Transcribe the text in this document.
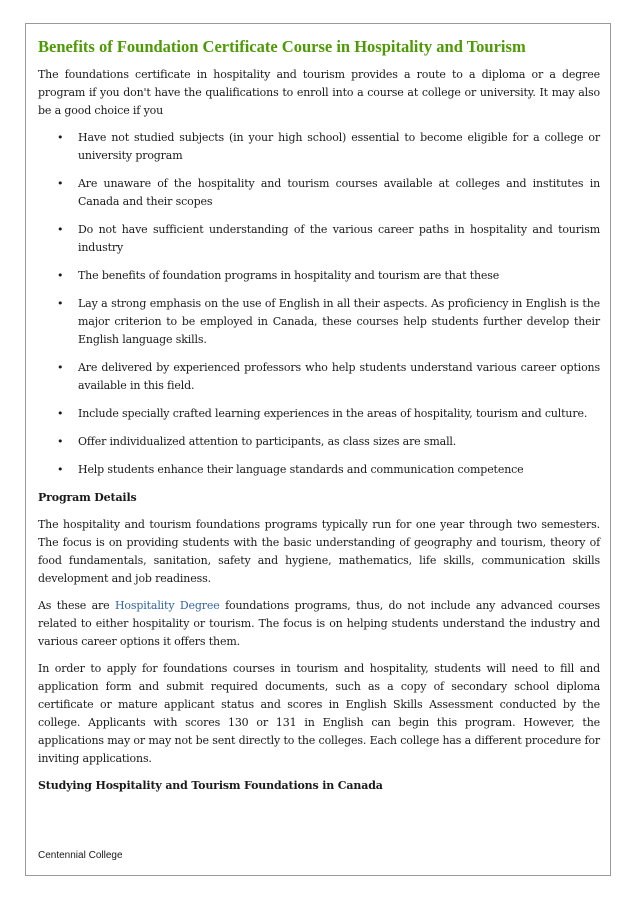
Benefits of Foundation Certificate Course in Hospitality and Tourism

The foundations certificate in hospitality and tourism provides a route to a diploma or a degree program if you don't have the qualifications to enroll into a course at college or university. It may also be a good choice if you

• Have not studied subjects (in your high school) essential to become eligible for a college or university program
• Are unaware of the hospitality and tourism courses available at colleges and institutes in Canada and their scopes
• Do not have sufficient understanding of the various career paths in hospitality and tourism industry
• The benefits of foundation programs in hospitality and tourism are that these
• Lay a strong emphasis on the use of English in all their aspects. As proficiency in English is the major criterion to be employed in Canada, these courses help students further develop their English language skills.
• Are delivered by experienced professors who help students understand various career options available in this field.
• Include specially crafted learning experiences in the areas of hospitality, tourism and culture.
• Offer individualized attention to participants, as class sizes are small.
• Help students enhance their language standards and communication competence
Program Details

The hospitality and tourism foundations programs typically run for one year through two semesters. The focus is on providing students with the basic understanding of geography and tourism, theory of food fundamentals, sanitation, safety and hygiene, mathematics, life skills, communication skills development and job readiness.

As these are Hospitality Degree foundations programs, thus, do not include any advanced courses related to either hospitality or tourism. The focus is on helping students understand the industry and various career options it offers them.

In order to apply for foundations courses in tourism and hospitality, students will need to fill and application form and submit required documents, such as a copy of secondary school diploma certificate or mature applicant status and scores in English Skills Assessment conducted by the college. Applicants with scores 130 or 131 in English can begin this program. However, the applications may or may not be sent directly to the colleges. Each college has a different procedure for inviting applications.

Studying Hospitality and Tourism Foundations in Canada
Centennial College
